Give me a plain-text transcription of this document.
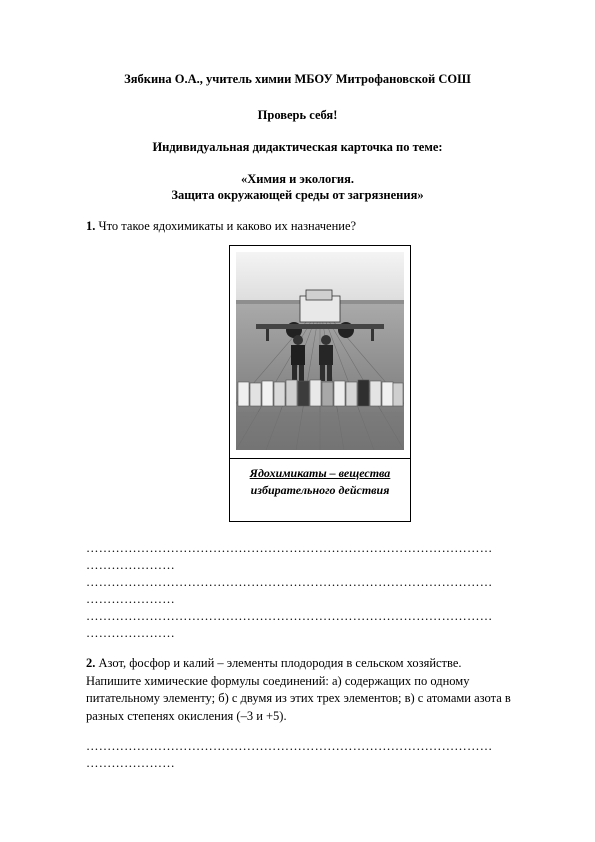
Зябкина О.А., учитель химии МБОУ Митрофановской СОШ
Проверь себя!
Индивидуальная дидактическая карточка по теме:
«Химия и экология.
Защита окружающей среды от загрязнения»
1. Что такое ядохимикаты и каково их назначение?
Ядохимикаты – вещества
избирательного действия
……………………………………………………………………………………
…………………
……………………………………………………………………………………
…………………
……………………………………………………………………………………
…………………
2. Азот, фосфор и калий – элементы плодородия в сельском хозяйстве. Напишите химические формулы соединений: а) содержащих по одному питательному элементу; б) с двумя из этих трех элементов; в) с атомами азота в разных степенях окисления (–3 и +5).
……………………………………………………………………………………
…………………
